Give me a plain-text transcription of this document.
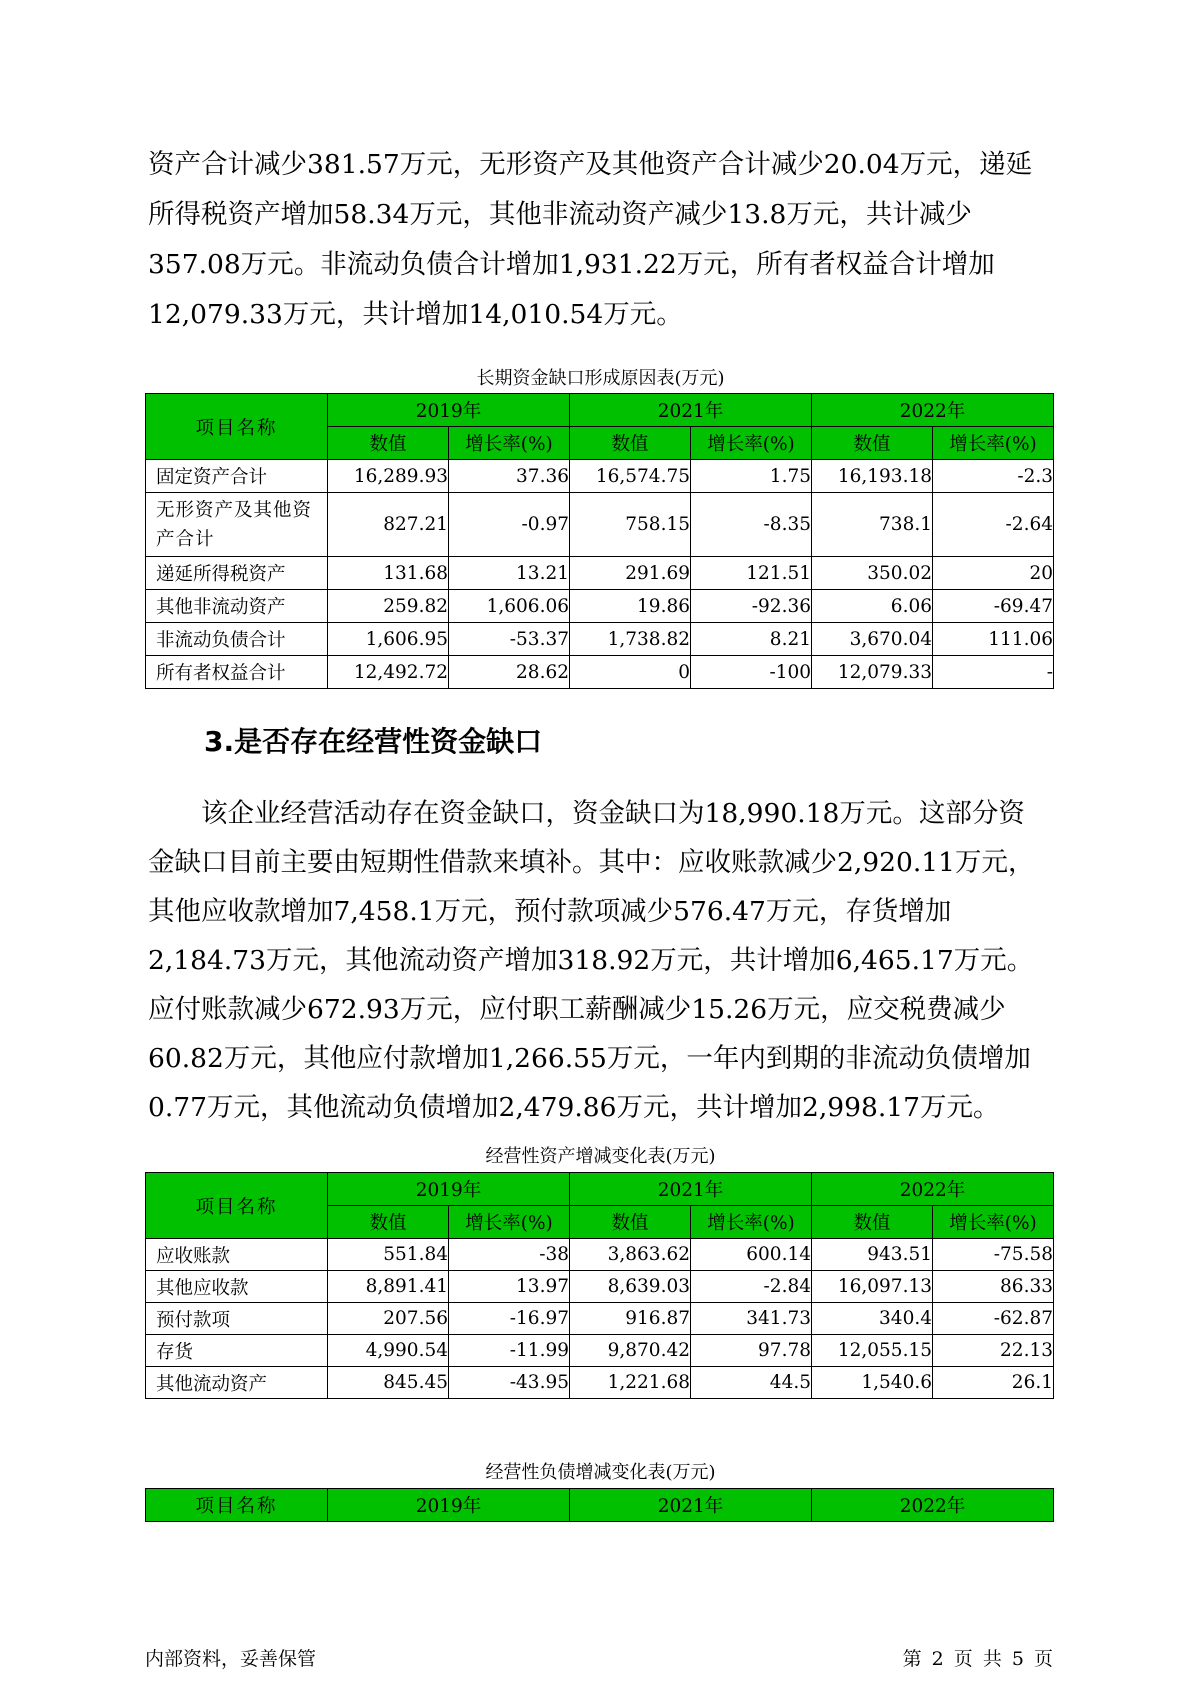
资产合计减少381.57万元，无形资产及其他资产合计减少20.04万元，递延

所得税资产增加58.34万元，其他非流动资产减少13.8万元，共计减少

357.08万元。非流动负债合计增加1,931.22万元，所有者权益合计增加

12,079.33万元，共计增加14,010.54万元。

长期资金缺口形成原因表(万元)
项目名称	2019年		2021年		2022年	
	数值	增长率(%)	数值	增长率(%)	数值	增长率(%)
固定资产合计	16,289.93	37.36	16,574.75	1.75	16,193.18	-2.3
无形资产及其他资产合计	827.21	-0.97	758.15	-8.35	738.1	-2.64
递延所得税资产	131.68	13.21	291.69	121.51	350.02	20
其他非流动资产	259.82	1,606.06	19.86	-92.36	6.06	-69.47
非流动负债合计	1,606.95	-53.37	1,738.82	8.21	3,670.04	111.06
所有者权益合计	12,492.72	28.62	0	-100	12,079.33	-
3.是否存在经营性资金缺口

　　该企业经营活动存在资金缺口，资金缺口为18,990.18万元。这部分资

金缺口目前主要由短期性借款来填补。其中：应收账款减少2,920.11万元，

其他应收款增加7,458.1万元，预付款项减少576.47万元，存货增加

2,184.73万元，其他流动资产增加318.92万元，共计增加6,465.17万元。

应付账款减少672.93万元，应付职工薪酬减少15.26万元，应交税费减少

60.82万元，其他应付款增加1,266.55万元，一年内到期的非流动负债增加

0.77万元，其他流动负债增加2,479.86万元，共计增加2,998.17万元。

经营性资产增减变化表(万元)
项目名称	2019年		2021年		2022年	
	数值	增长率(%)	数值	增长率(%)	数值	增长率(%)
应收账款	551.84	-38	3,863.62	600.14	943.51	-75.58
其他应收款	8,891.41	13.97	8,639.03	-2.84	16,097.13	86.33
预付款项	207.56	-16.97	916.87	341.73	340.4	-62.87
存货	4,990.54	-11.99	9,870.42	97.78	12,055.15	22.13
其他流动资产	845.45	-43.95	1,221.68	44.5	1,540.6	26.1
经营性负债增减变化表(万元)
项目名称	2019年	2021年	2022年
内部资料，妥善保管	第 2 页 共 5 页
